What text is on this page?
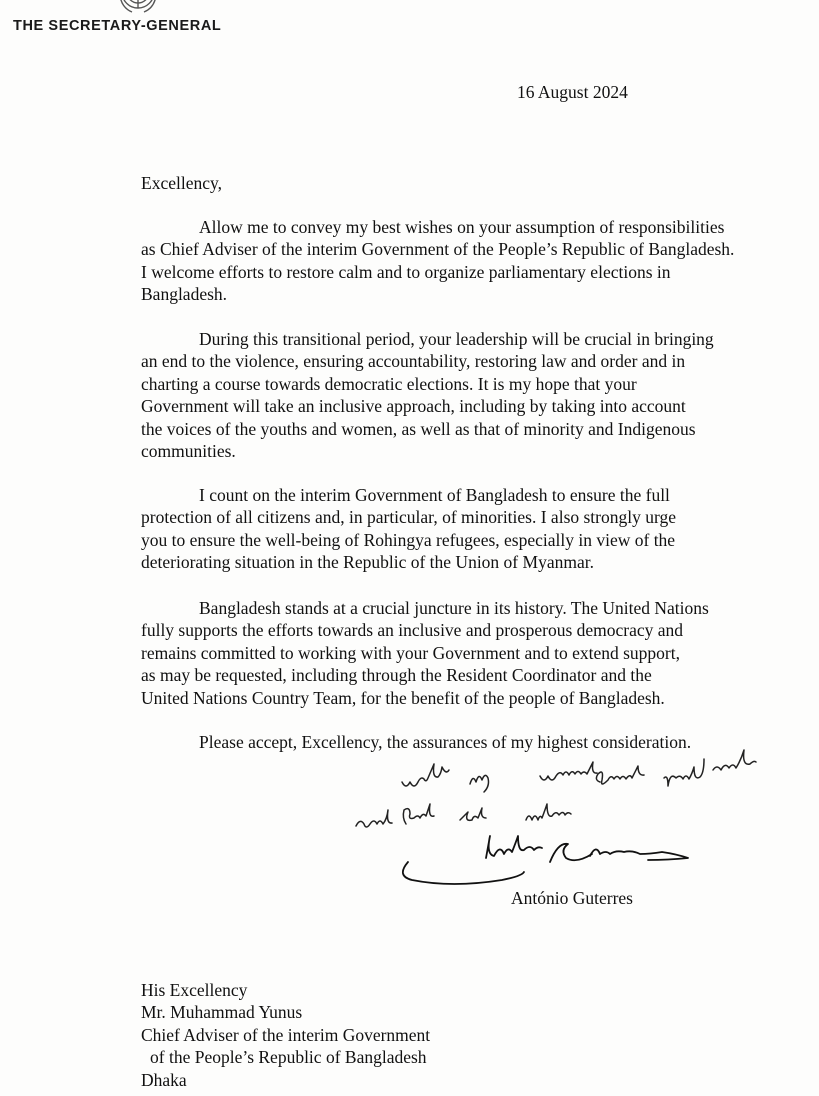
THE SECRETARY-GENERAL
16 August 2024
Excellency,
Allow me to convey my best wishes on your assumption of responsibilities
as Chief Adviser of the interim Government of the People’s Republic of Bangladesh.
I welcome efforts to restore calm and to organize parliamentary elections in
Bangladesh.
During this transitional period, your leadership will be crucial in bringing
an end to the violence, ensuring accountability, restoring law and order and in
charting a course towards democratic elections. It is my hope that your
Government will take an inclusive approach, including by taking into account
the voices of the youths and women, as well as that of minority and Indigenous
communities.
I count on the interim Government of Bangladesh to ensure the full
protection of all citizens and, in particular, of minorities. I also strongly urge
you to ensure the well-being of Rohingya refugees, especially in view of the
deteriorating situation in the Republic of the Union of Myanmar.
Bangladesh stands at a crucial juncture in its history. The United Nations
fully supports the efforts towards an inclusive and prosperous democracy and
remains committed to working with your Government and to extend support,
as may be requested, including through the Resident Coordinator and the
United Nations Country Team, for the benefit of the people of Bangladesh.
Please accept, Excellency, the assurances of my highest consideration.
António Guterres
His Excellency
Mr. Muhammad Yunus
Chief Adviser of the interim Government
of the People’s Republic of Bangladesh
Dhaka
